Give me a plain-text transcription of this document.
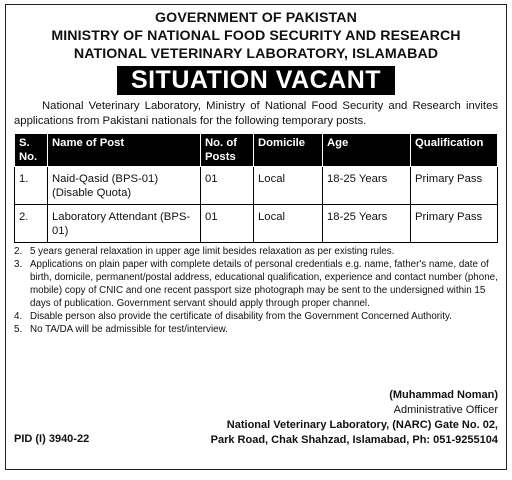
GOVERNMENT OF PAKISTAN
MINISTRY OF NATIONAL FOOD SECURITY AND RESEARCH
NATIONAL VETERINARY LABORATORY, ISLAMABAD
SITUATION VACANT

National Veterinary Laboratory, Ministry of National Food Security and Research invites applications from Pakistani nationals for the following temporary posts.

S. No.	Name of Post	No. of Posts	Domicile	Age	Qualification
1.	Naid-Qasid (BPS-01) (Disable Quota)	01	Local	18-25 Years	Primary Pass
2.	Laboratory Attendant (BPS-01)	01	Local	18-25 Years	Primary Pass
2. 5 years general relaxation in upper age limit besides relaxation as per existing rules.
3. Applications on plain paper with complete details of personal credentials e.g. name, father's name, date of birth, domicile, permanent/postal address, educational qualification, experience and contact number (phone, mobile) copy of CNIC and one recent passport size photograph may be sent to the undersigned within 15 days of publication. Government servant should apply through proper channel.
4. Disable person also provide the certificate of disability from the Government Concerned Authority.
5. No TA/DA will be admissible for test/interview.
(Muhammad Noman)
Administrative Officer
National Veterinary Laboratory, (NARC) Gate No. 02,
Park Road, Chak Shahzad, Islamabad, Ph: 051-9255104
PID (I) 3940-22
